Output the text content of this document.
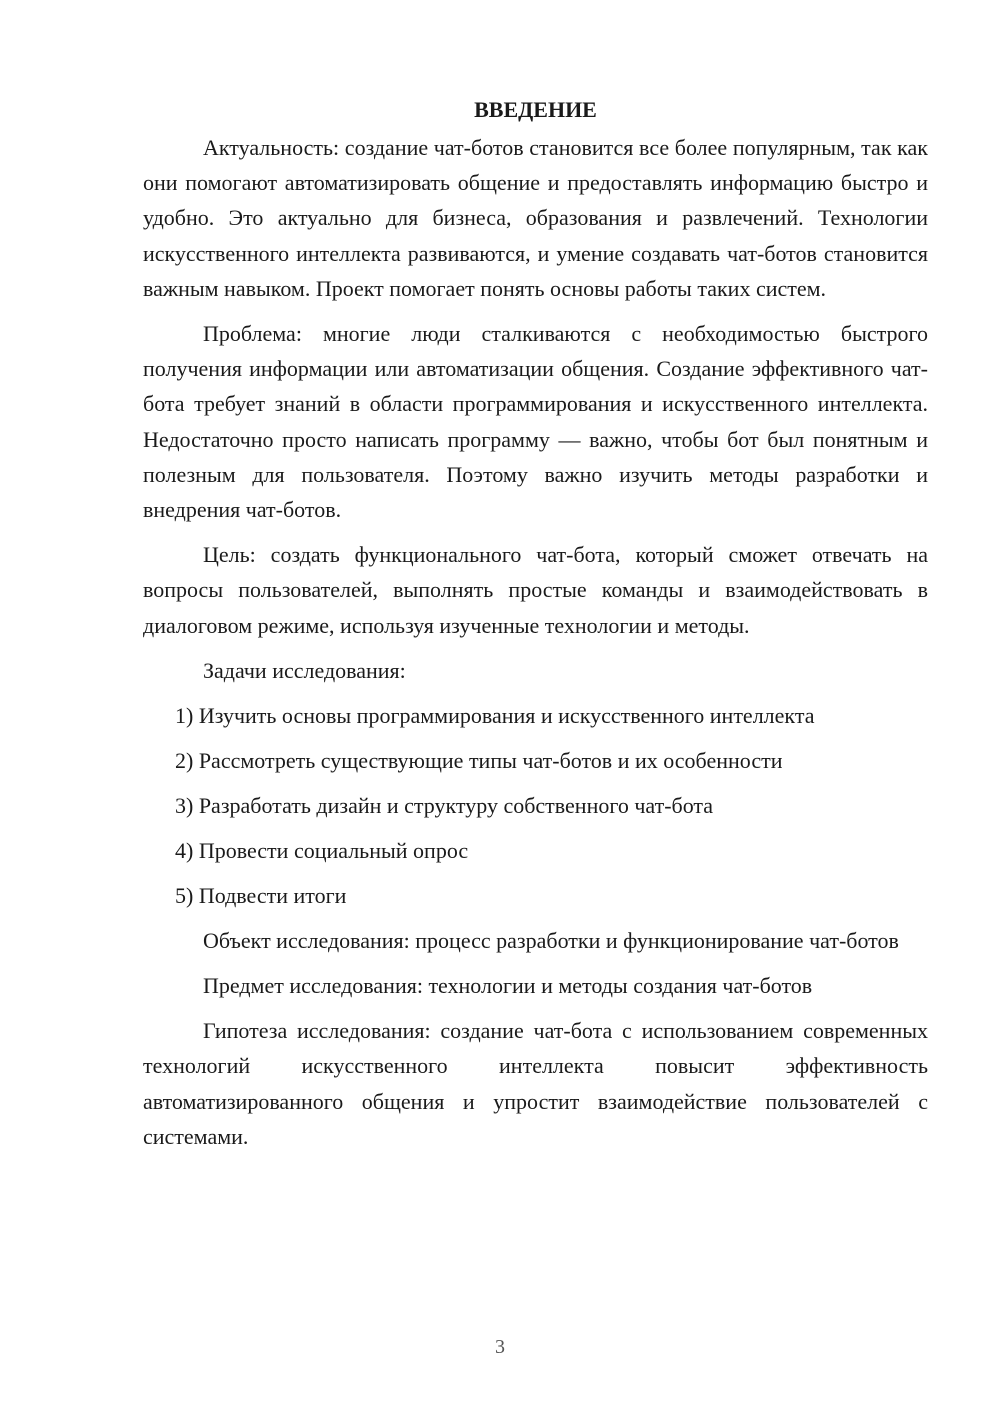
ВВЕДЕНИЕ

Актуальность: создание чат-ботов становится все более популярным, так как они помогают автоматизировать общение и предоставлять информацию быстро и удобно. Это актуально для бизнеса, образования и развлечений. Технологии искусственного интеллекта развиваются, и умение создавать чат-ботов становится важным навыком. Проект помогает понять основы работы таких систем.

Проблема: многие люди сталкиваются с необходимостью быстрого получения информации или автоматизации общения. Создание эффективного чат-бота требует знаний в области программирования и искусственного интеллекта. Недостаточно просто написать программу — важно, чтобы бот был понятным и полезным для пользователя. Поэтому важно изучить методы разработки и внедрения чат-ботов.

Цель: создать функционального чат-бота, который сможет отвечать на вопросы пользователей, выполнять простые команды и взаимодействовать в диалоговом режиме, используя изученные технологии и методы.

Задачи исследования:

1) Изучить основы программирования и искусственного интеллекта
2) Рассмотреть существующие типы чат-ботов и их особенности
3) Разработать дизайн и структуру собственного чат-бота
4) Провести социальный опрос
5) Подвести итоги

Объект исследования: процесс разработки и функционирование чат-ботов

Предмет исследования: технологии и методы создания чат-ботов

Гипотеза исследования: создание чат-бота с использованием современных технологий искусственного интеллекта повысит эффективность автоматизированного общения и упростит взаимодействие пользователей с системами.

3
